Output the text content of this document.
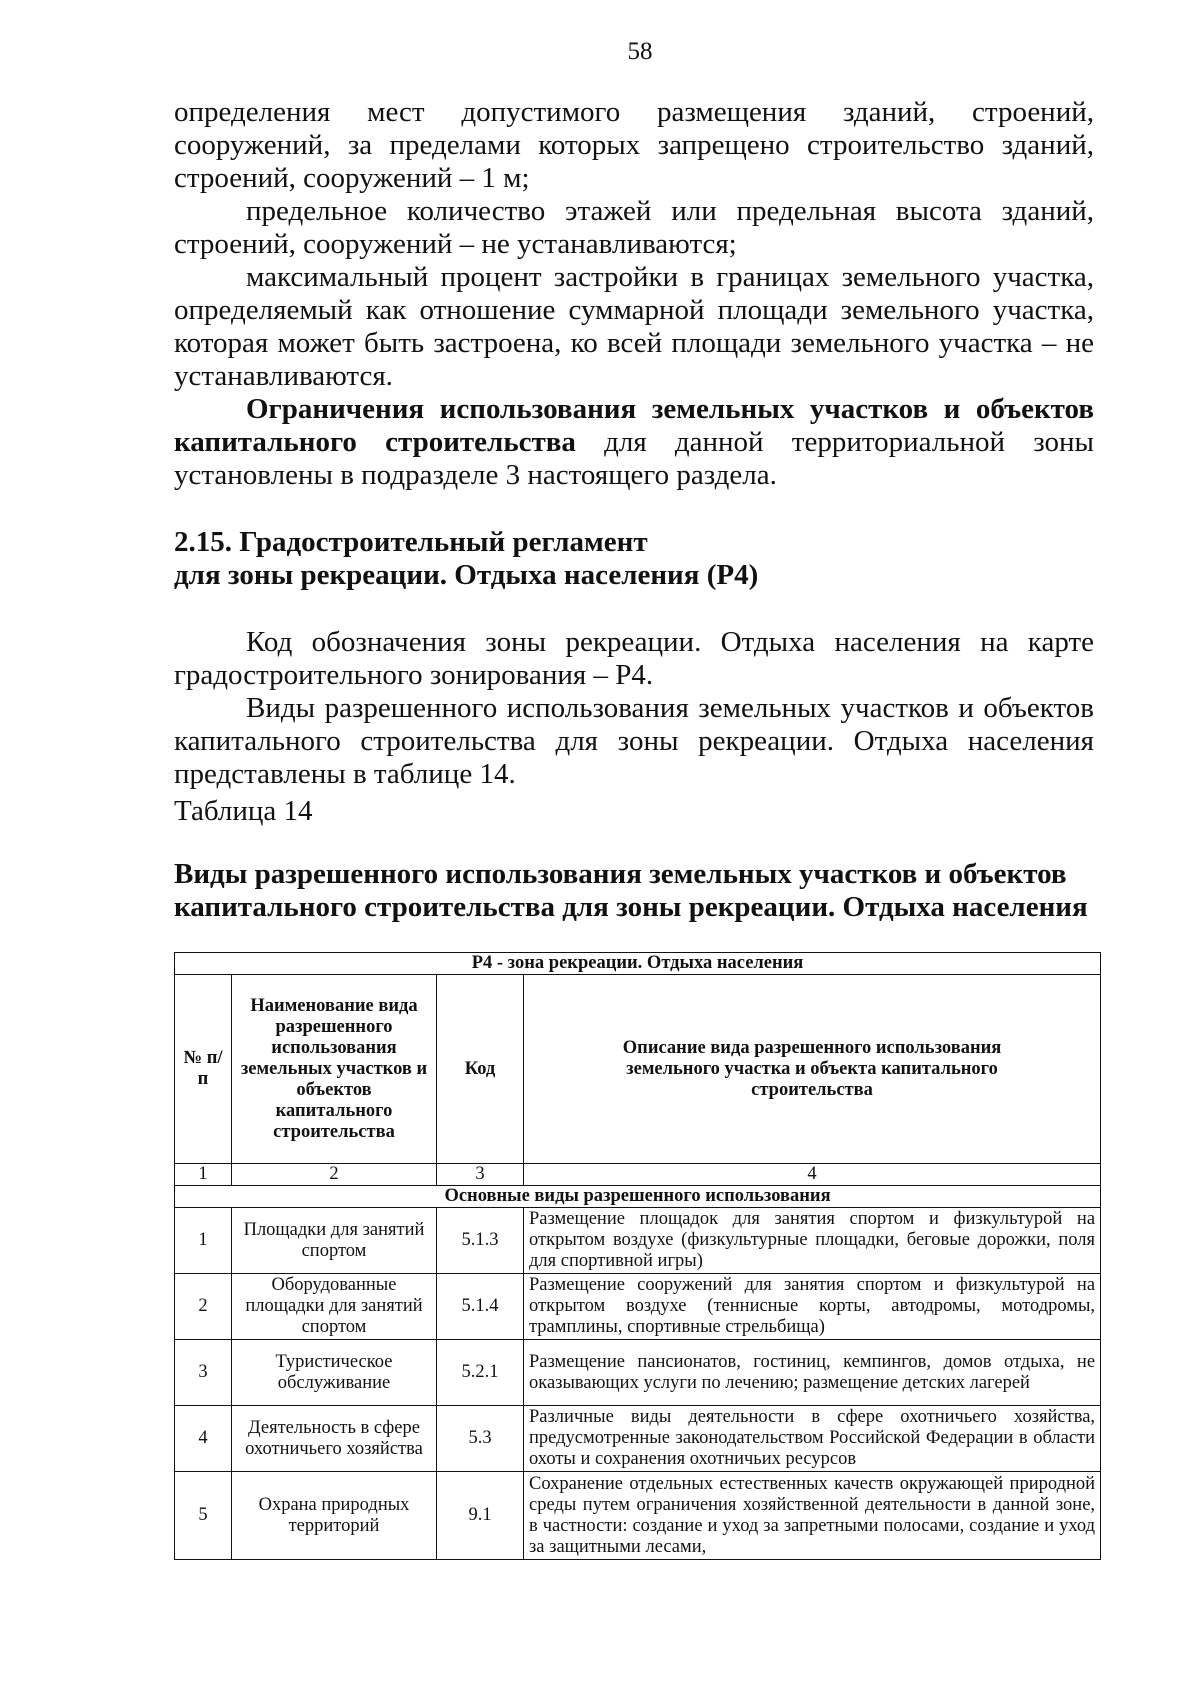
58

определения мест допустимого размещения зданий, строений, сооружений, за пределами которых запрещено строительство зданий, строений, сооружений – 1 м;

предельное количество этажей или предельная высота зданий, строений, сооружений – не устанавливаются;

максимальный процент застройки в границах земельного участка, определяемый как отношение суммарной площади земельного участка, которая может быть застроена, ко всей площади земельного участка – не устанавливаются.

Ограничения использования земельных участков и объектов капитального строительства для данной территориальной зоны установлены в подразделе 3 настоящего раздела.

2.15. Градостроительный регламент

для зоны рекреации. Отдыха населения (Р4)

Код обозначения зоны рекреации. Отдыха населения на карте градостроительного зонирования – Р4.

Виды разрешенного использования земельных участков и объектов капитального строительства для зоны рекреации. Отдыха населения представлены в таблице 14.

Таблица 14

Виды разрешенного использования земельных участков и объектов

капитального строительства для зоны рекреации. Отдыха населения

Р4 - зона рекреации. Отдыха населения			
№ п/п	Наименование вида разрешенного использования земельных участков и объектов капитального строительства	Код	Описание вида разрешенного использования земельного участка и объекта капитального строительства
1	2	3	4
Основные виды разрешенного использования			
1	Площадки для занятий спортом	5.1.3	Размещение площадок для занятия спортом и физкультурой на открытом воздухе (физкультурные площадки, беговые дорожки, поля для спортивной игры)
2	Оборудованные площадки для занятий спортом	5.1.4	Размещение сооружений для занятия спортом и физкультурой на открытом воздухе (теннисные корты, автодромы, мотодромы, трамплины, спортивные стрельбища)
3	Туристическое обслуживание	5.2.1	Размещение пансионатов, гостиниц, кемпингов, домов отдыха, не оказывающих услуги по лечению; размещение детских лагерей
4	Деятельность в сфере охотничьего хозяйства	5.3	Различные виды деятельности в сфере охотничьего хозяйства, предусмотренные законодательством Российской Федерации в области охоты и сохранения охотничьих ресурсов
5	Охрана природных территорий	9.1	Сохранение отдельных естественных качеств окружающей природной среды путем ограничения хозяйственной деятельности в данной зоне, в частности: создание и уход за запретными полосами, создание и уход за защитными лесами,
